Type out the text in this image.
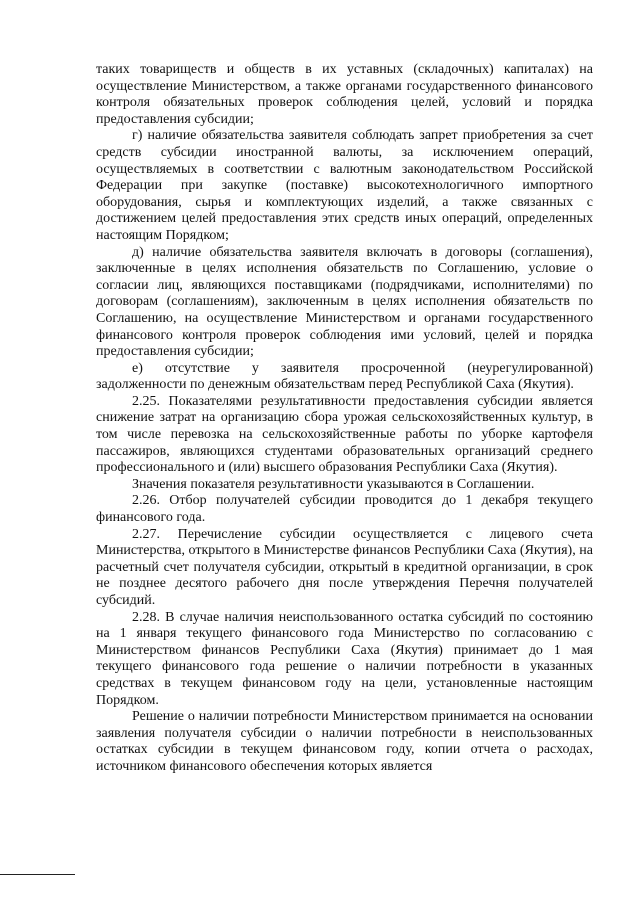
таких товариществ и обществ в их уставных (складочных) капиталах) на осуществление Министерством, а также органами государственного финансового контроля обязательных проверок соблюдения целей, условий и порядка предоставления субсидии;

г) наличие обязательства заявителя соблюдать запрет приобретения за счет средств субсидии иностранной валюты, за исключением операций, осуществляемых в соответствии с валютным законодательством Российской Федерации при закупке (поставке) высокотехнологичного импортного оборудования, сырья и комплектующих изделий, а также связанных с достижением целей предоставления этих средств иных операций, определенных настоящим Порядком;

д) наличие обязательства заявителя включать в договоры (соглашения), заключенные в целях исполнения обязательств по Соглашению, условие о согласии лиц, являющихся поставщиками (подрядчиками, исполнителями) по договорам (соглашениям), заключенным в целях исполнения обязательств по Соглашению, на осуществление Министерством и органами государственного финансового контроля проверок соблюдения ими условий, целей и порядка предоставления субсидии;

е) отсутствие у заявителя просроченной (неурегулированной) задолженности по денежным обязательствам перед Республикой Саха (Якутия).

2.25. Показателями результативности предоставления субсидии является снижение затрат на организацию сбора урожая сельскохозяйственных культур, в том числе перевозка на сельскохозяйственные работы по уборке картофеля пассажиров, являющихся студентами образовательных организаций среднего профессионального и (или) высшего образования Республики Саха (Якутия).

Значения показателя результативности указываются в Соглашении.

2.26. Отбор получателей субсидии проводится до 1 декабря текущего финансового года.

2.27. Перечисление субсидии осуществляется с лицевого счета Министерства, открытого в Министерстве финансов Республики Саха (Якутия), на расчетный счет получателя субсидии, открытый в кредитной организации, в срок не позднее десятого рабочего дня после утверждения Перечня получателей субсидий.

2.28. В случае наличия неиспользованного остатка субсидий по состоянию на 1 января текущего финансового года Министерство по согласованию с Министерством финансов Республики Саха (Якутия) принимает до 1 мая текущего финансового года решение о наличии потребности в указанных средствах в текущем финансовом году на цели, установленные настоящим Порядком.

Решение о наличии потребности Министерством принимается на основании заявления получателя субсидии о наличии потребности в неиспользованных остатках субсидии в текущем финансовом году, копии отчета о расходах, источником финансового обеспечения которых является
